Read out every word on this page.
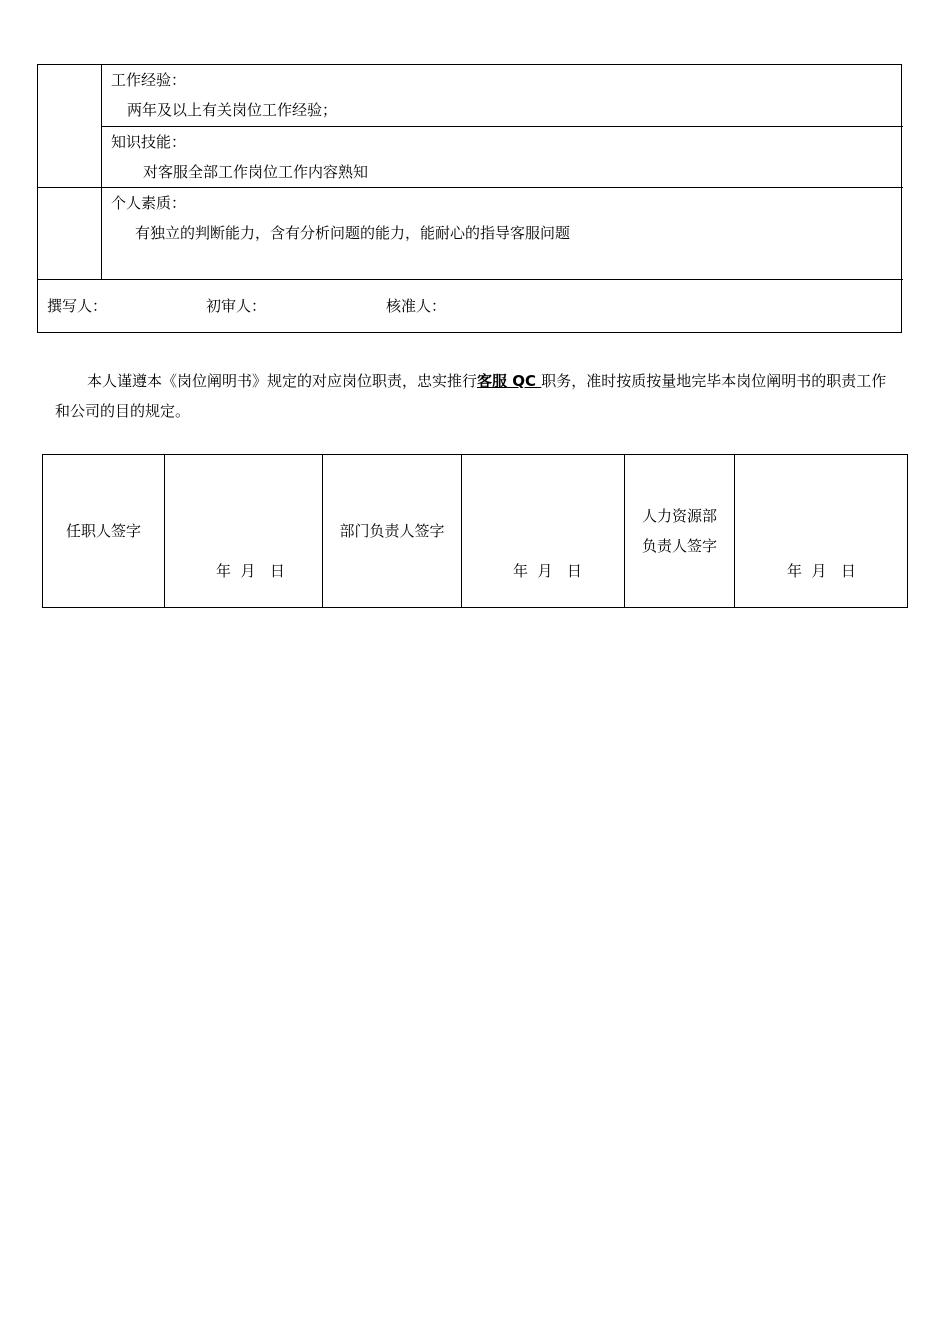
工作经验：
两年及以上有关岗位工作经验；
知识技能：
对客服全部工作岗位工作内容熟知
个人素质：
有独立的判断能力，含有分析问题的能力，能耐心的指导客服问题
撰写人：	初审人：	核准人：
本人谨遵本《岗位阐明书》规定的对应岗位职责，忠实推行客服 QC 职务，准时按质按量地完毕本岗位阐明书的职责工作和公司的目的规定。
任职人签字
年  月   日
部门负责人签字
年  月   日
人力资源部
负责人签字
年  月   日
